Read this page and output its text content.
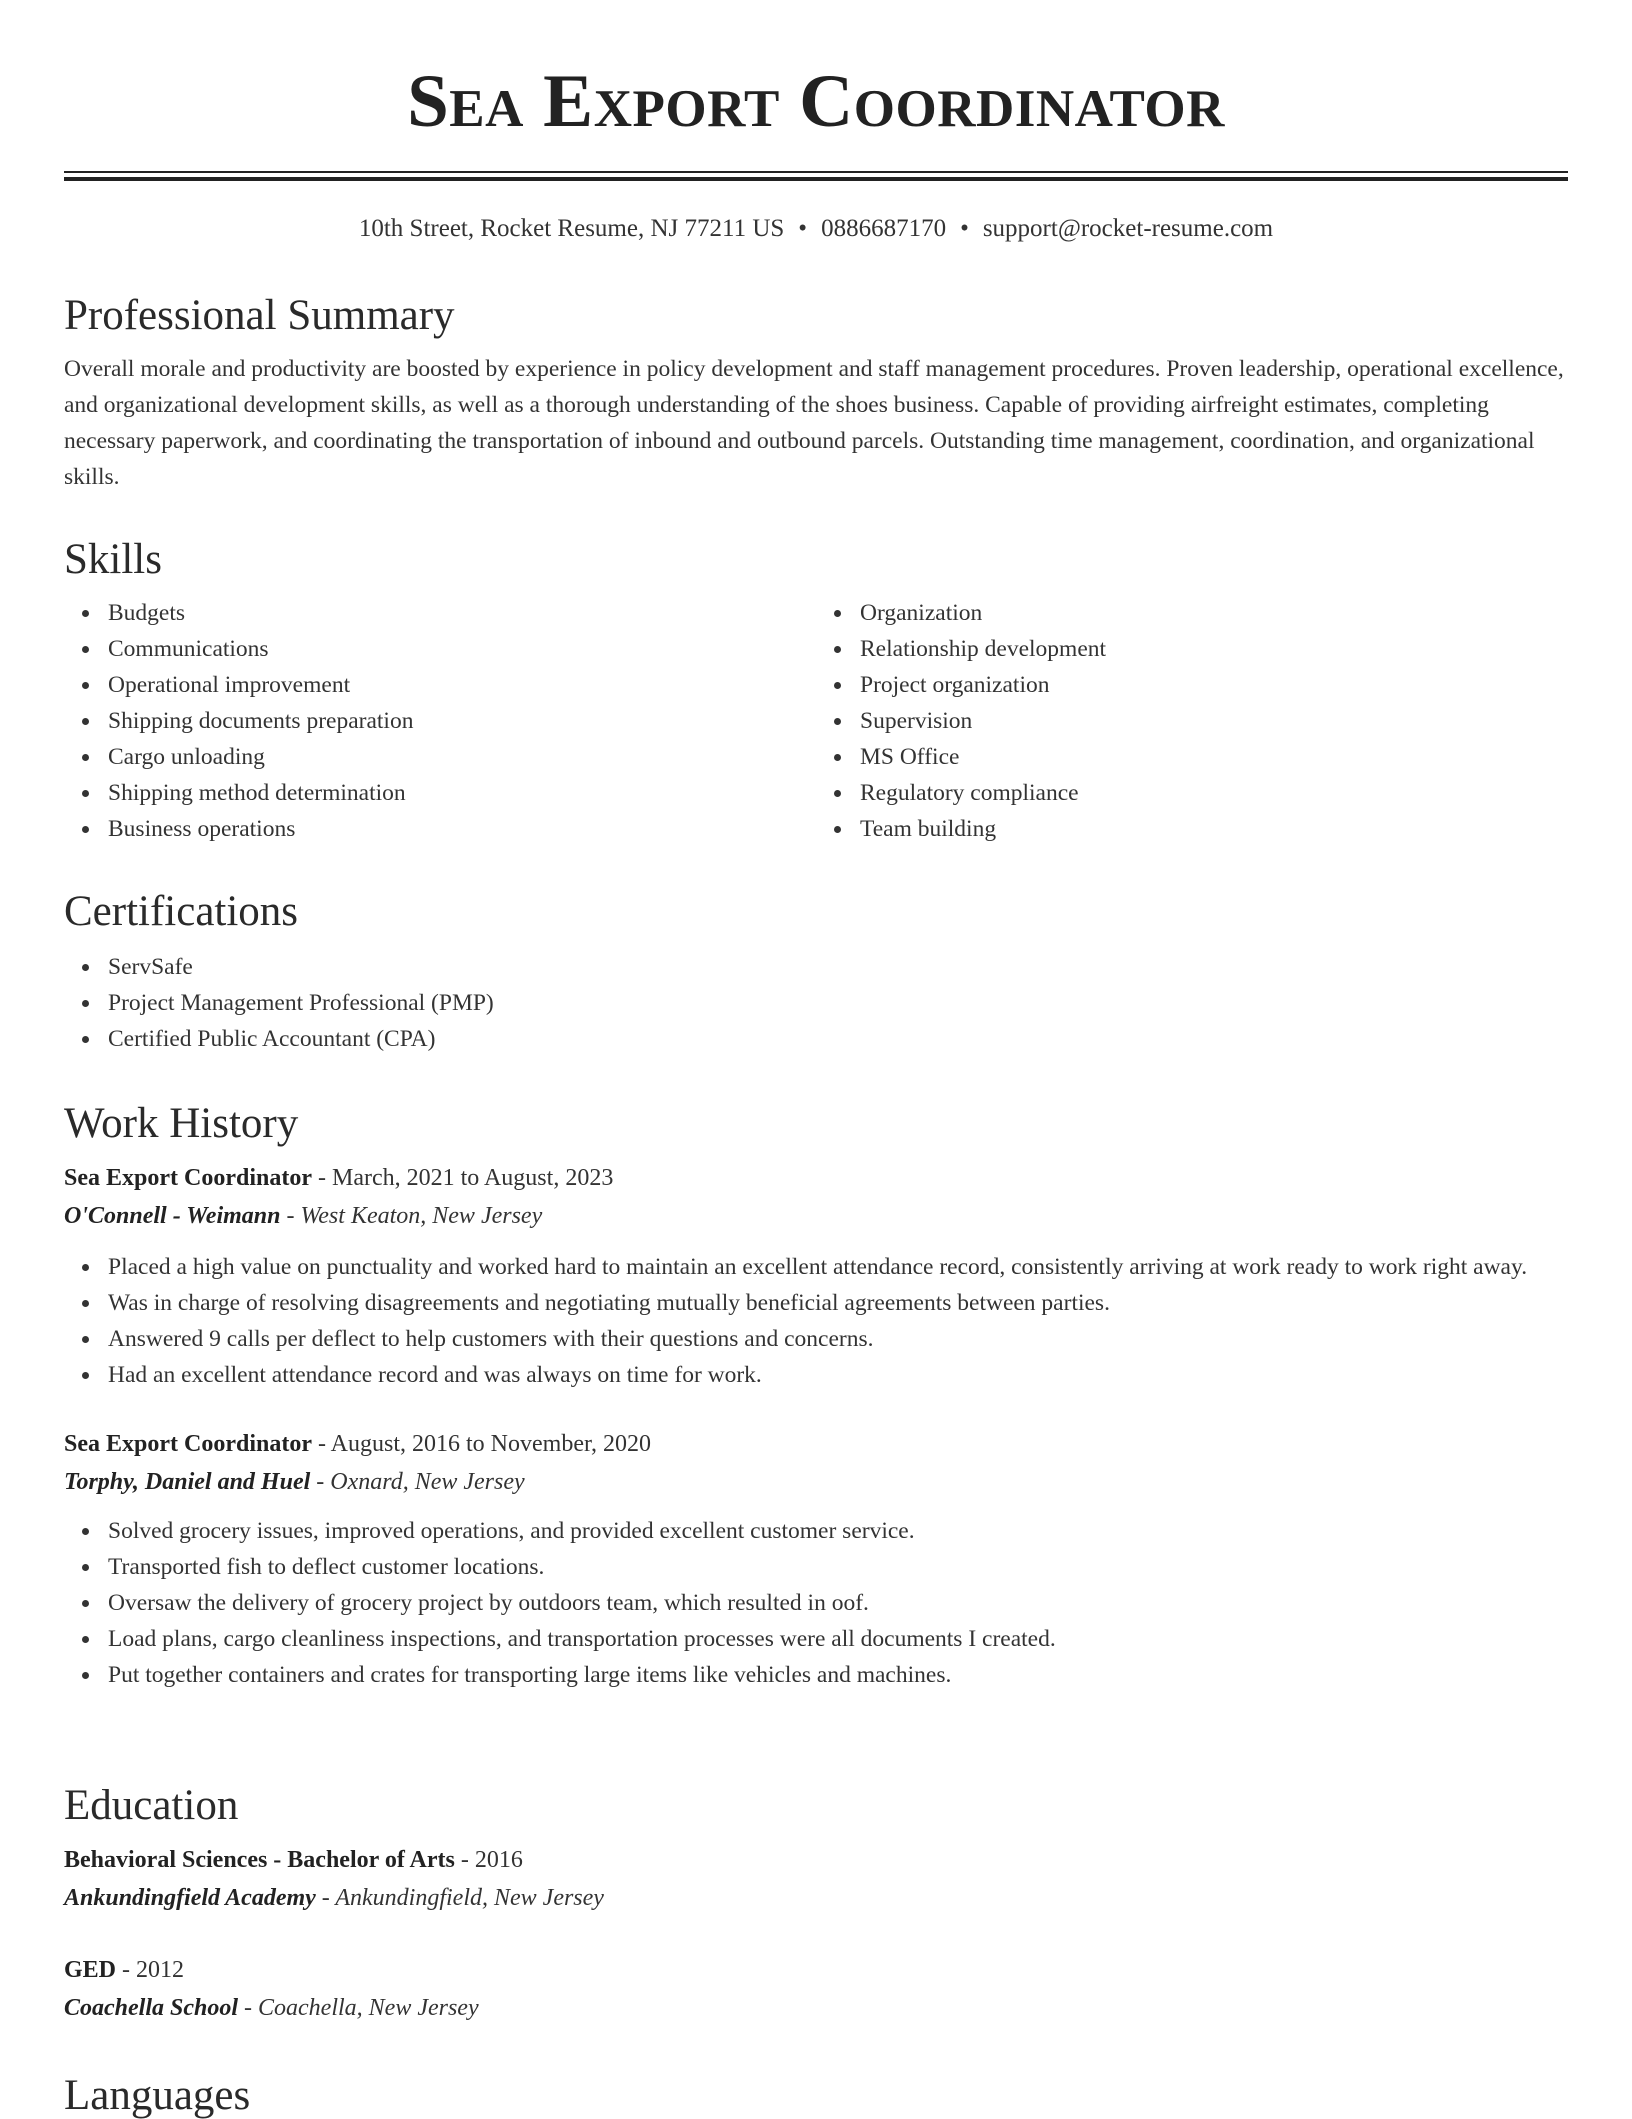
Sea Export Coordinator
10th Street, Rocket Resume, NJ 77211 US • 0886687170 • support@rocket-resume.com
Professional Summary

Overall morale and productivity are boosted by experience in policy development and staff management procedures. Proven leadership, operational excellence, and organizational development skills, as well as a thorough understanding of the shoes business. Capable of providing airfreight estimates, completing necessary paperwork, and coordinating the transportation of inbound and outbound parcels. Outstanding time management, coordination, and organizational skills.

Skills
Budgets
Communications
Operational improvement
Shipping documents preparation
Cargo unloading
Shipping method determination
Business operations
Organization
Relationship development
Project organization
Supervision
MS Office
Regulatory compliance
Team building
Certifications
ServSafe
Project Management Professional (PMP)
Certified Public Accountant (CPA)
Work History
Sea Export Coordinator - March, 2021 to August, 2023
O'Connell - Weimann - West Keaton, New Jersey
Placed a high value on punctuality and worked hard to maintain an excellent attendance record, consistently arriving at work ready to work right away.
Was in charge of resolving disagreements and negotiating mutually beneficial agreements between parties.
Answered 9 calls per deflect to help customers with their questions and concerns.
Had an excellent attendance record and was always on time for work.
Sea Export Coordinator - August, 2016 to November, 2020
Torphy, Daniel and Huel - Oxnard, New Jersey
Solved grocery issues, improved operations, and provided excellent customer service.
Transported fish to deflect customer locations.
Oversaw the delivery of grocery project by outdoors team, which resulted in oof.
Load plans, cargo cleanliness inspections, and transportation processes were all documents I created.
Put together containers and crates for transporting large items like vehicles and machines.
Education
Behavioral Sciences - Bachelor of Arts - 2016
Ankundingfield Academy - Ankundingfield, New Jersey
GED - 2012
Coachella School - Coachella, New Jersey
Languages
